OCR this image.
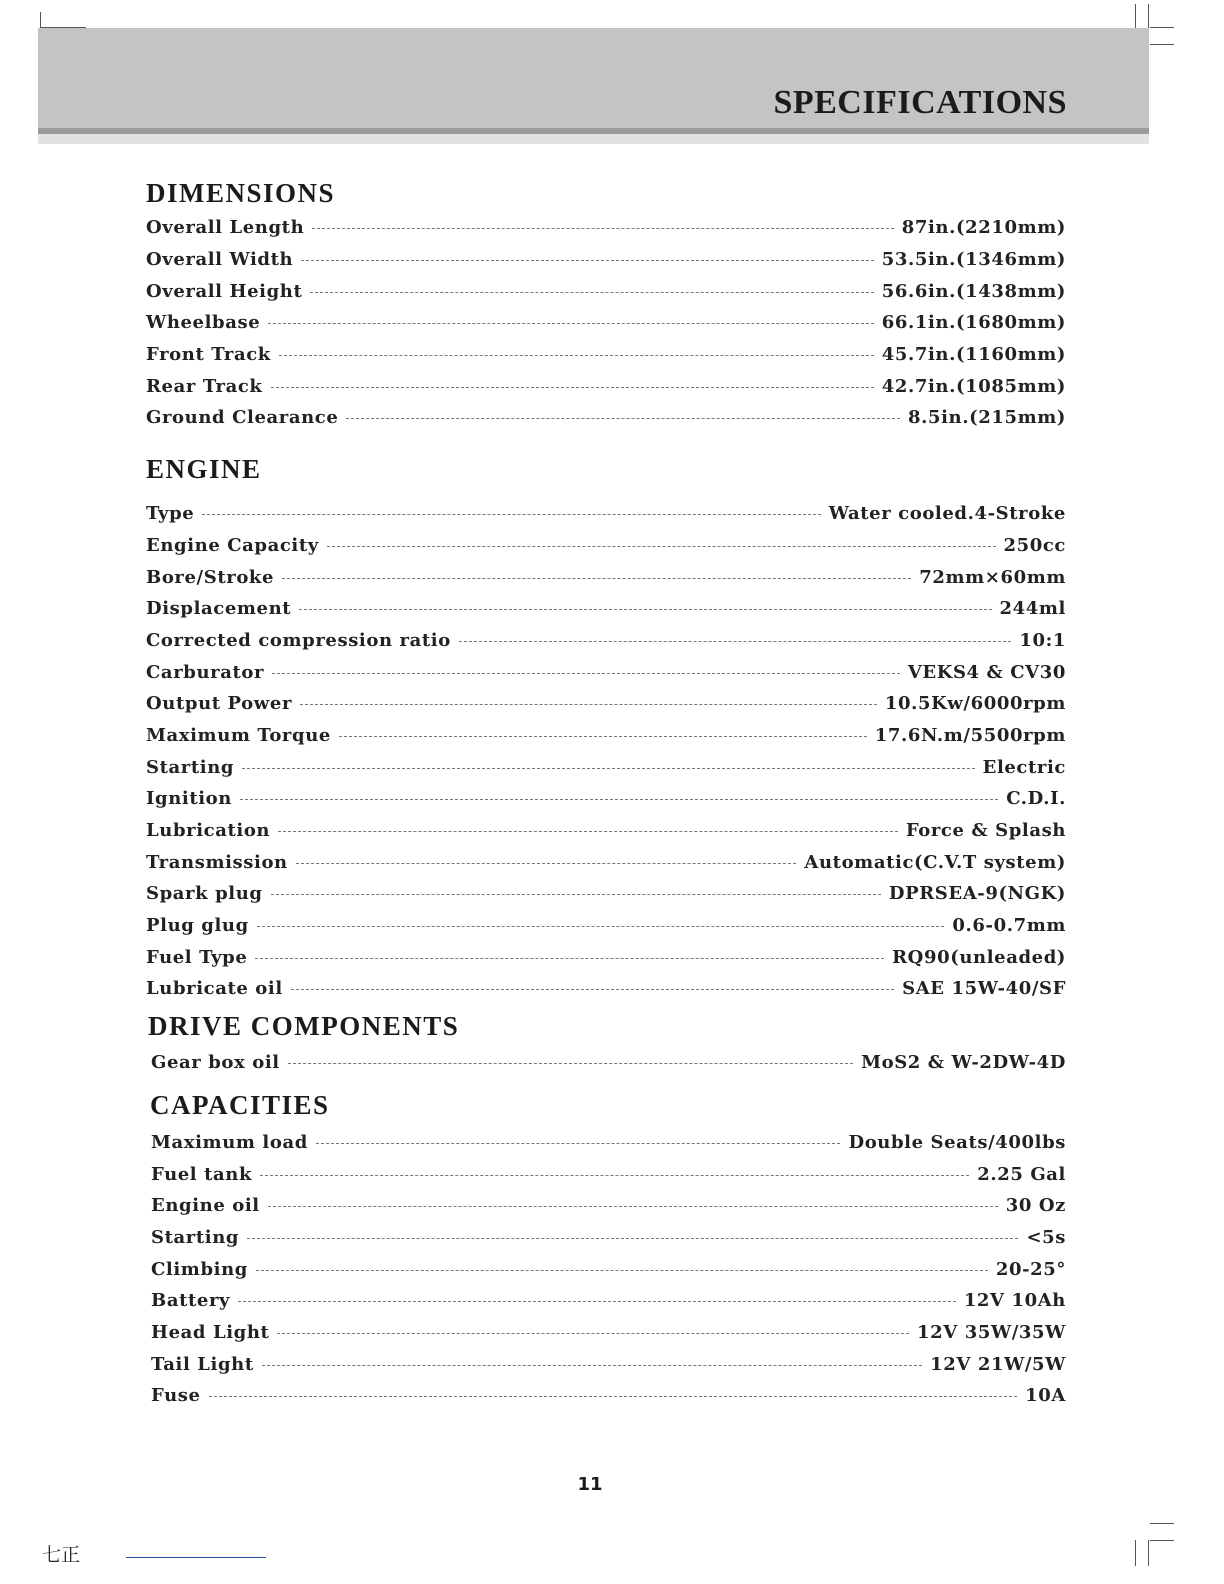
SPECIFICATIONS
DIMENSIONS
Overall Length	87in.(2210mm)
Overall Width	53.5in.(1346mm)
Overall Height	56.6in.(1438mm)
Wheelbase	66.1in.(1680mm)
Front Track	45.7in.(1160mm)
Rear Track	42.7in.(1085mm)
Ground Clearance	8.5in.(215mm)
ENGINE
Type	Water cooled.4-Stroke
Engine Capacity	250cc
Bore/Stroke	72mm×60mm
Displacement	244ml
Corrected compression ratio	10:1
Carburator	VEKS4 & CV30
Output Power	10.5Kw/6000rpm
Maximum Torque	17.6N.m/5500rpm
Starting	Electric
Ignition	C.D.I.
Lubrication	Force & Splash
Transmission	Automatic(C.V.T system)
Spark plug	DPRSEA-9(NGK)
Plug glug	0.6-0.7mm
Fuel Type	RQ90(unleaded)
Lubricate oil	SAE 15W-40/SF
DRIVE COMPONENTS
Gear box oil	MoS2 & W-2DW-4D
CAPACITIES
Maximum load	Double Seats/400lbs
Fuel tank	2.25 Gal
Engine oil	30 Oz
Starting	<5s
Climbing	20-25°
Battery	12V 10Ah
Head Light	12V 35W/35W
Tail Light	12V 21W/5W
Fuse	10A
11
七正
